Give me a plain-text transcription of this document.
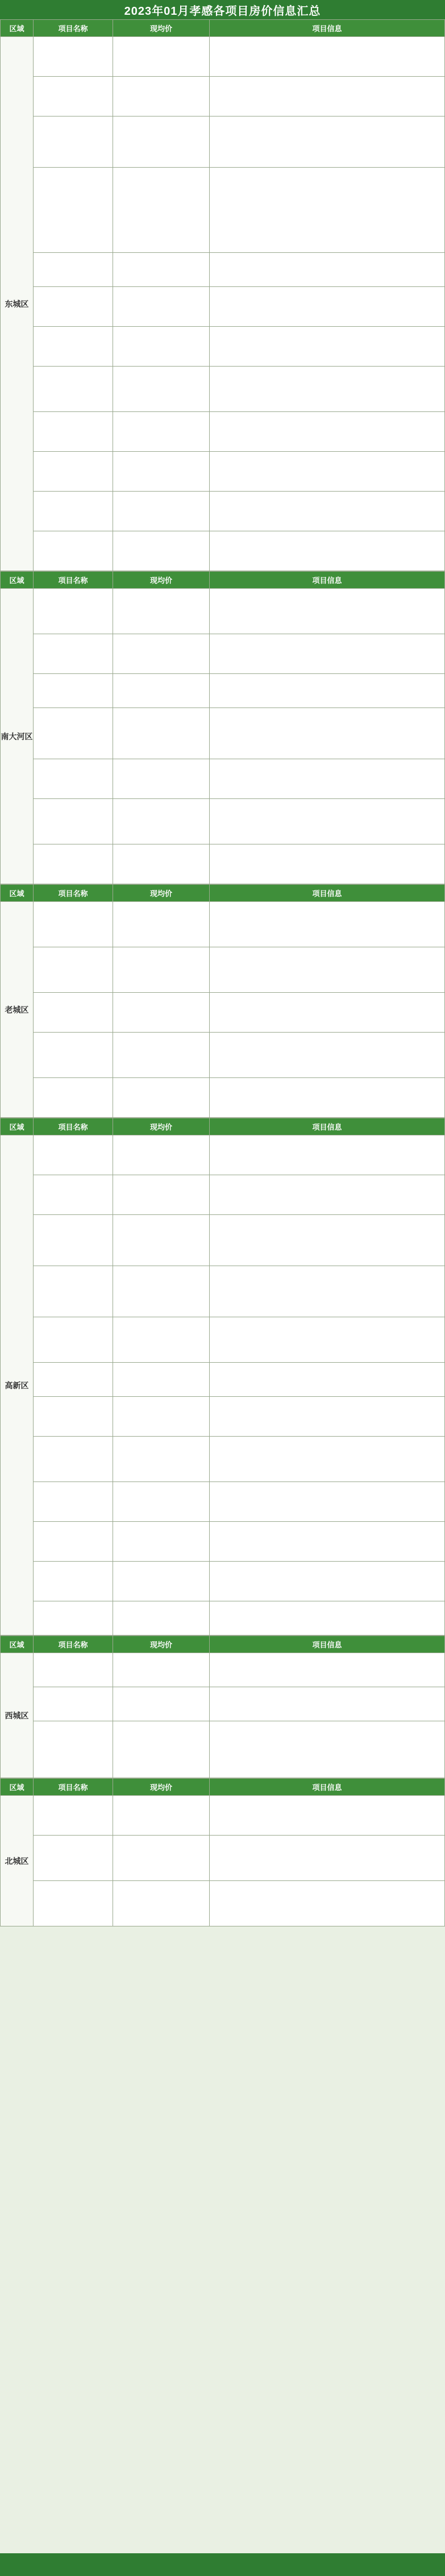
2023年01月孝感各项目房价信息汇总
区域	项目名称	现均价	项目信息
东城区			

区域	项目名称	现均价	项目信息
南大河区			

区域	项目名称	现均价	项目信息
老城区			

区域	项目名称	现均价	项目信息
高新区			

区域	项目名称	现均价	项目信息
西城区			

区域	项目名称	现均价	项目信息
北城区			
